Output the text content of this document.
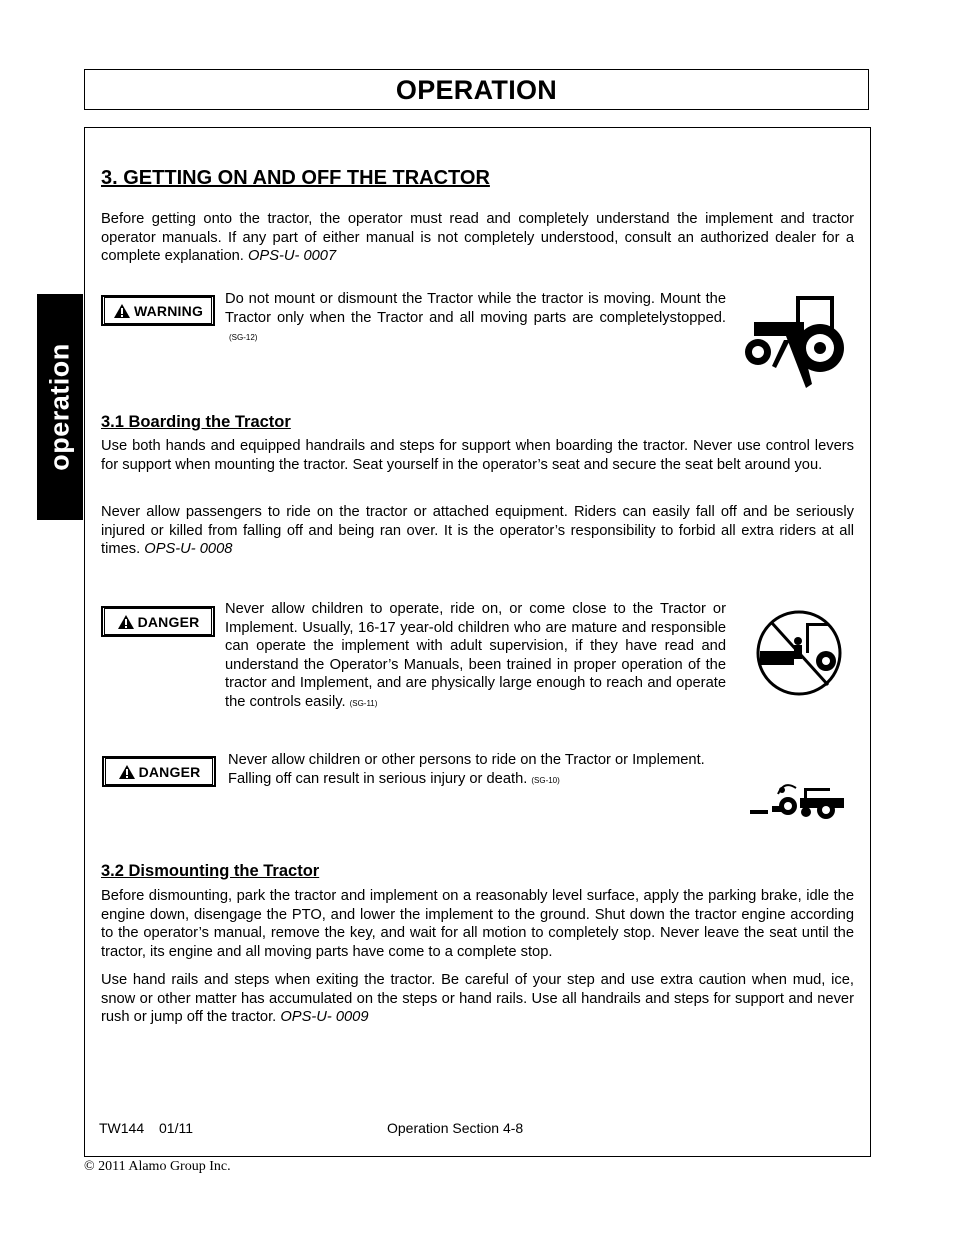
OPERATION
operation
3. GETTING ON AND OFF THE TRACTOR

Before getting onto the tractor, the operator must read and completely understand the implement and tractor operator manuals. If any part of either manual is not completely understood, consult an authorized dealer for a complete explanation. OPS-U- 0007

WARNING

Do not mount or dismount the Tractor while the tractor is moving. Mount the Tractor only when the Tractor and all moving parts are completelystopped.(SG-12)

3.1 Boarding the Tractor

Use both hands and equipped handrails and steps for support when boarding the tractor. Never use control levers for support when mounting the tractor. Seat yourself in the operator’s seat and secure the seat belt around you.

Never allow passengers to ride on the tractor or attached equipment. Riders can easily fall off and be seriously injured or killed from falling off and being ran over. It is the operator’s responsibility to forbid all extra riders at all times. OPS-U- 0008

DANGER

Never allow children to operate, ride on, or come close to the Tractor or Implement. Usually, 16-17 year-old children who are mature and responsible can operate the implement with adult supervision, if they have read and understand the Operator’s Manuals, been trained in proper operation of the tractor and Implement, and are physically large enough to reach and operate the controls easily. (SG-11)

DANGER

Never allow children or other persons to ride on the Tractor or Implement. Falling off can result in serious injury or death. (SG-10)

3.2 Dismounting the Tractor

Before dismounting, park the tractor and implement on a reasonably level surface, apply the parking brake, idle the engine down, disengage the PTO, and lower the implement to the ground. Shut down the tractor engine according to the operator’s manual, remove the key, and wait for all motion to completely stop. Never leave the seat until the tractor, its engine and all moving parts have come to a complete stop.

Use hand rails and steps when exiting the tractor. Be careful of your step and use extra caution when mud, ice, snow or other matter has accumulated on the steps or hand rails. Use all handrails and steps for support and never rush or jump off the tractor. OPS-U- 0009

TW144 01/11	Operation Section 4-8
© 2011 Alamo Group Inc.
